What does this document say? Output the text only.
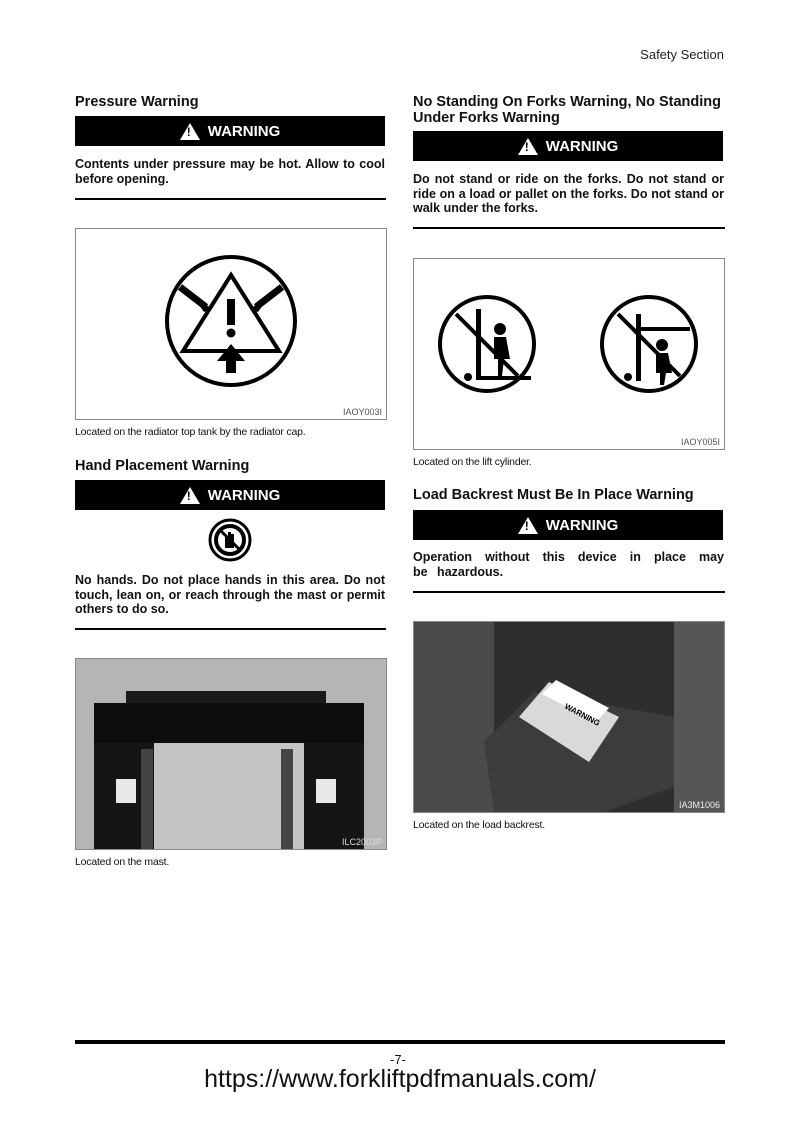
Safety Section
Pressure Warning
!
WARNING
Contents under pressure may be hot. Allow to cool before opening.
IAOY003I
Located on the radiator top tank by the radiator cap.
Hand Placement Warning
!
WARNING
No hands. Do not place hands in this area. Do not touch, lean on, or reach through the mast or permit others to do so.
ILC2003P
Located on the mast.
No Standing On Forks Warning, No Standing Under Forks Warning
!
WARNING
Do not stand or ride on the forks. Do not stand or ride on a load or pallet on the forks. Do not stand or walk under the forks.
IAOY005I
Located on the lift cylinder.
Load Backrest Must Be In Place Warning
!
WARNING
Operation without this device in place may be hazardous.
WARNING
IA3M1006
Located on the load backrest.
-7-
https://www.forkliftpdfmanuals.com/
